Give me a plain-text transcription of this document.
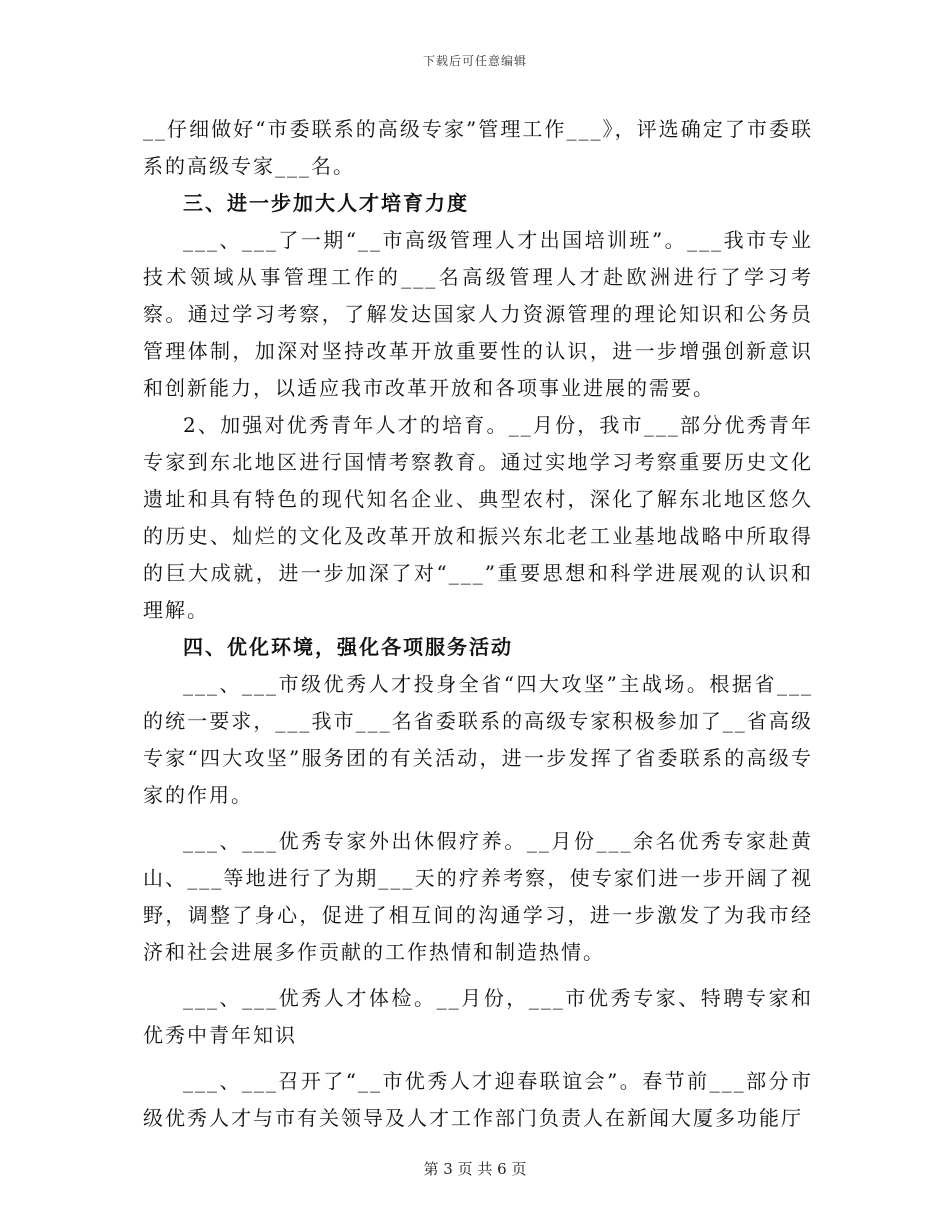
下载后可任意编辑

__仔细做好“市委联系的高级专家”管理工作___》，评选确定了市委联系的高级专家___名。

三、进一步加大人才培育力度

___、___了一期“__市高级管理人才出国培训班”。___我市专业技术领域从事管理工作的___名高级管理人才赴欧洲进行了学习考察。通过学习考察，了解发达国家人力资源管理的理论知识和公务员管理体制，加深对坚持改革开放重要性的认识，进一步增强创新意识和创新能力，以适应我市改革开放和各项事业进展的需要。

2、加强对优秀青年人才的培育。__月份，我市___部分优秀青年专家到东北地区进行国情考察教育。通过实地学习考察重要历史文化遗址和具有特色的现代知名企业、典型农村，深化了解东北地区悠久的历史、灿烂的文化及改革开放和振兴东北老工业基地战略中所取得的巨大成就，进一步加深了对“___”重要思想和科学进展观的认识和理解。

四、优化环境，强化各项服务活动

___、___市级优秀人才投身全省“四大攻坚”主战场。根据省___的统一要求，___我市___名省委联系的高级专家积极参加了__省高级专家“四大攻坚”服务团的有关活动，进一步发挥了省委联系的高级专家的作用。

___、___优秀专家外出休假疗养。__月份___余名优秀专家赴黄山、___等地进行了为期___天的疗养考察，使专家们进一步开阔了视野，调整了身心，促进了相互间的沟通学习，进一步激发了为我市经济和社会进展多作贡献的工作热情和制造热情。

___、___优秀人才体检。__月份，___市优秀专家、特聘专家和优秀中青年知识

___、___召开了“__市优秀人才迎春联谊会”。春节前___部分市级优秀人才与市有关领导及人才工作部门负责人在新闻大厦多功能厅

第 3 页 共 6 页
